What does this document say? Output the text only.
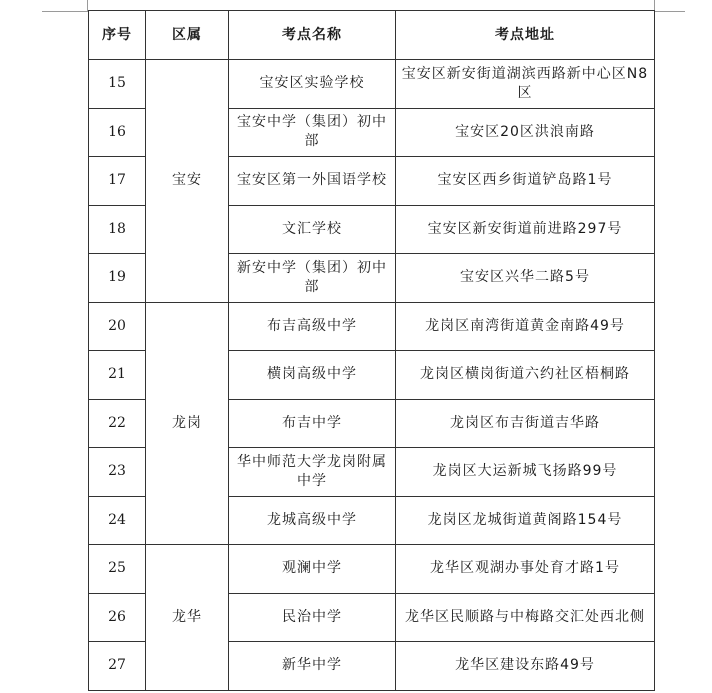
序号	区属	考点名称	考点地址
15	宝安	宝安区实验学校	宝安区新安街道湖滨西路新中心区N8区
16		宝安中学（集团）初中部	宝安区20区洪浪南路
17		宝安区第一外国语学校	宝安区西乡街道铲岛路1号
18		文汇学校	宝安区新安街道前进路297号
19		新安中学（集团）初中部	宝安区兴华二路5号
20	龙岗	布吉高级中学	龙岗区南湾街道黄金南路49号
21		横岗高级中学	龙岗区横岗街道六约社区梧桐路
22		布吉中学	龙岗区布吉街道吉华路
23		华中师范大学龙岗附属中学	龙岗区大运新城飞扬路99号
24		龙城高级中学	龙岗区龙城街道黄阁路154号
25	龙华	观澜中学	龙华区观湖办事处育才路1号
26		民治中学	龙华区民顺路与中梅路交汇处西北侧
27		新华中学	龙华区建设东路49号
